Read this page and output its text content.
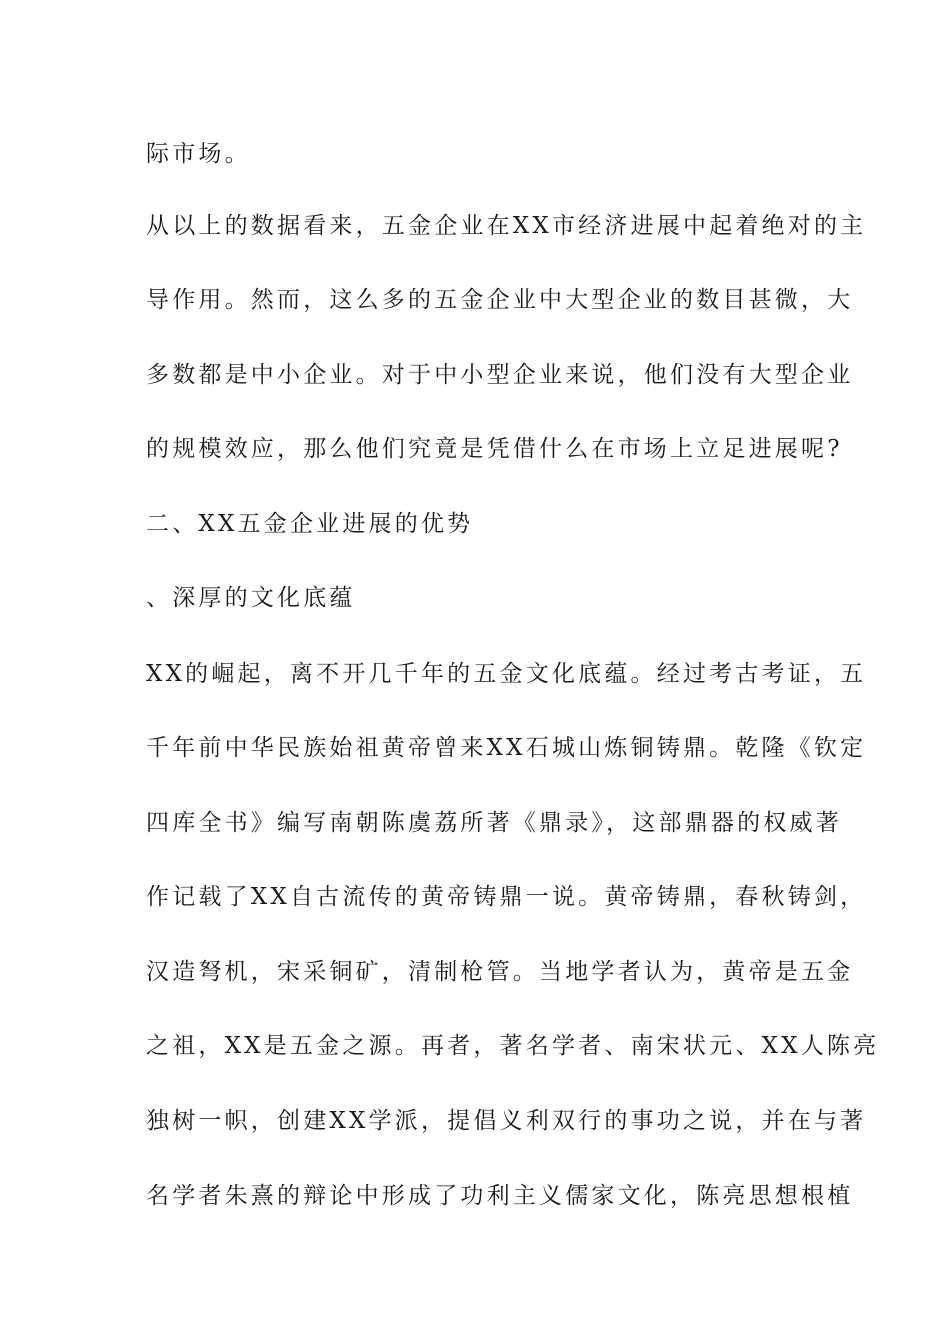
际市场。
从以上的数据看来，五金企业在XX市经济进展中起着绝对的主
导作用。然而，这么多的五金企业中大型企业的数目甚微，大
多数都是中小企业。对于中小型企业来说，他们没有大型企业
的规模效应，那么他们究竟是凭借什么在市场上立足进展呢?
二、XX五金企业进展的优势
、深厚的文化底蕴
XX的崛起，离不开几千年的五金文化底蕴。经过考古考证，五
千年前中华民族始祖黄帝曾来XX石城山炼铜铸鼎。乾隆《钦定
四库全书》编写南朝陈虞荔所著《鼎录》，这部鼎器的权威著
作记载了XX自古流传的黄帝铸鼎一说。黄帝铸鼎，春秋铸剑，
汉造弩机，宋采铜矿，清制枪管。当地学者认为，黄帝是五金
之祖，XX是五金之源。再者，著名学者、南宋状元、XX人陈亮
独树一帜，创建XX学派，提倡义利双行的事功之说，并在与著
名学者朱熹的辩论中形成了功利主义儒家文化，陈亮思想根植
